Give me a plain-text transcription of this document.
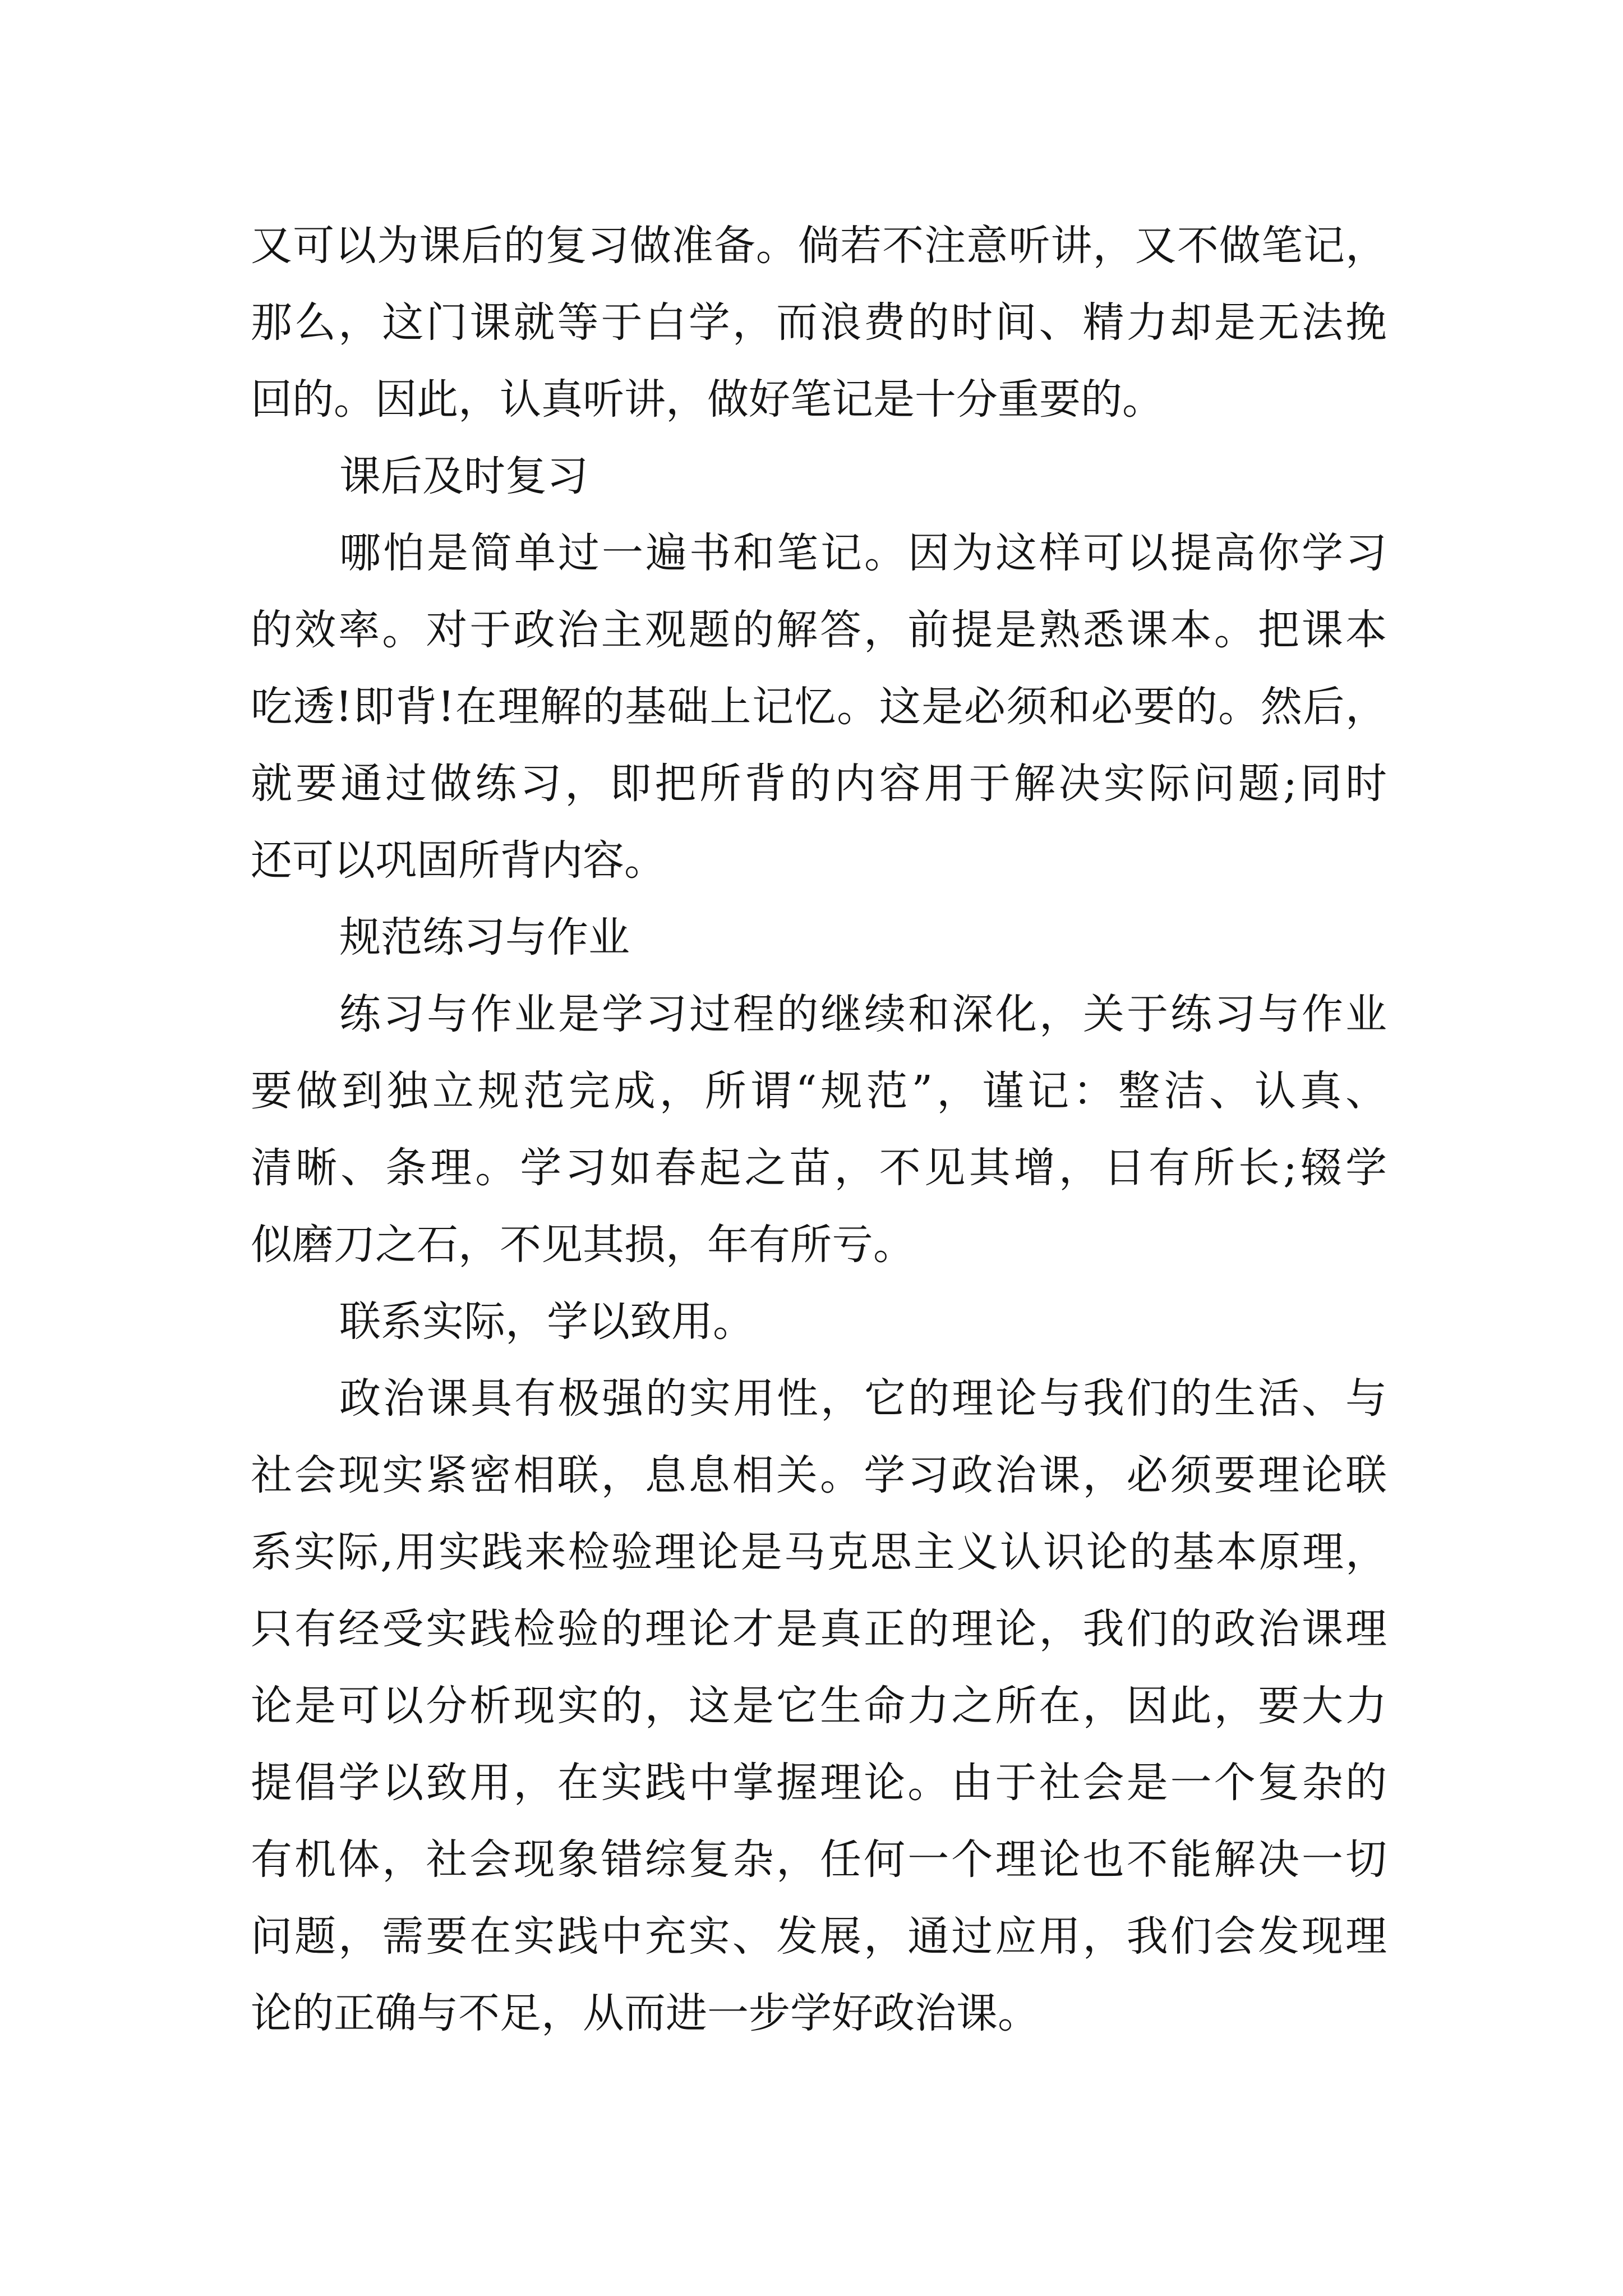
又可以为课后的复习做准备。倘若不注意听讲，又不做笔记，
那么，这门课就等于白学，而浪费的时间、精力却是无法挽
回的。因此，认真听讲，做好笔记是十分重要的。
课后及时复习
哪怕是简单过一遍书和笔记。因为这样可以提高你学习
的效率。对于政治主观题的解答，前提是熟悉课本。把课本
吃透!即背!在理解的基础上记忆。这是必须和必要的。然后，
就要通过做练习，即把所背的内容用于解决实际问题;同时
还可以巩固所背内容。
规范练习与作业
练习与作业是学习过程的继续和深化，关于练习与作业
要做到独立规范完成，所谓“规范”，谨记：整洁、认真、
清晰、条理。学习如春起之苗，不见其增，日有所长;辍学
似磨刀之石，不见其损，年有所亏。
联系实际，学以致用。
政治课具有极强的实用性，它的理论与我们的生活、与
社会现实紧密相联，息息相关。学习政治课，必须要理论联
系实际,用实践来检验理论是马克思主义认识论的基本原理，
只有经受实践检验的理论才是真正的理论，我们的政治课理
论是可以分析现实的，这是它生命力之所在，因此，要大力
提倡学以致用，在实践中掌握理论。由于社会是一个复杂的
有机体，社会现象错综复杂，任何一个理论也不能解决一切
问题，需要在实践中充实、发展，通过应用，我们会发现理
论的正确与不足，从而进一步学好政治课。
